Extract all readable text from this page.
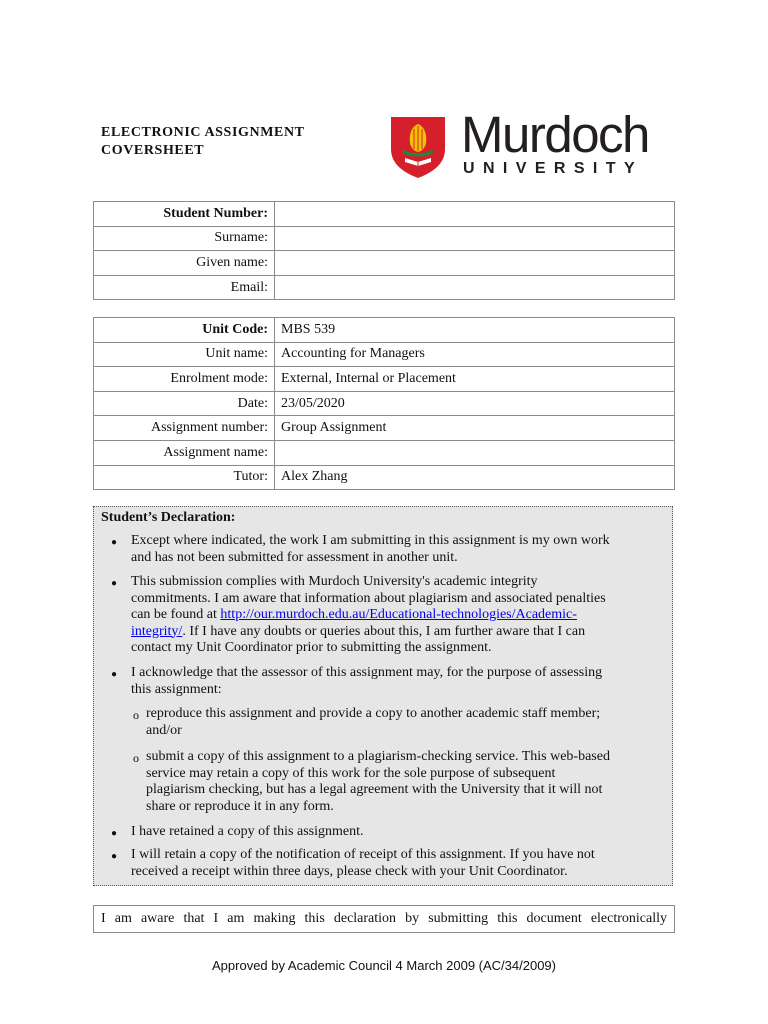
ELECTRONIC ASSIGNMENT
COVERSHEET	Murdoch
UNIVERSITY
Student Number:	
Surname:	
Given name:	
Email:	
Unit Code:	MBS 539
Unit name:	Accounting for Managers
Enrolment mode:	External, Internal or Placement
Date:	23/05/2020
Assignment number:	Group Assignment
Assignment name:	
Tutor:	Alex Zhang
Student’s Declaration:
● Except where indicated, the work I am submitting in this assignment is my own work
and has not been submitted for assessment in another unit.
● This submission complies with Murdoch University's academic integrity
commitments. I am aware that information about plagiarism and associated penalties
can be found at http://our.murdoch.edu.au/Educational-technologies/Academic-
integrity/. If I have any doubts or queries about this, I am further aware that I can
contact my Unit Coordinator prior to submitting the assignment.
● I acknowledge that the assessor of this assignment may, for the purpose of assessing
this assignment:
o reproduce this assignment and provide a copy to another academic staff member;
and/or
o submit a copy of this assignment to a plagiarism-checking service. This web-based
service may retain a copy of this work for the sole purpose of subsequent
plagiarism checking, but has a legal agreement with the University that it will not
share or reproduce it in any form.
● I have retained a copy of this assignment.
● I will retain a copy of the notification of receipt of this assignment. If you have not
received a receipt within three days, please check with your Unit Coordinator.
I am aware that I am making this declaration by submitting this document electronically
Approved by Academic Council 4 March 2009 (AC/34/2009)
